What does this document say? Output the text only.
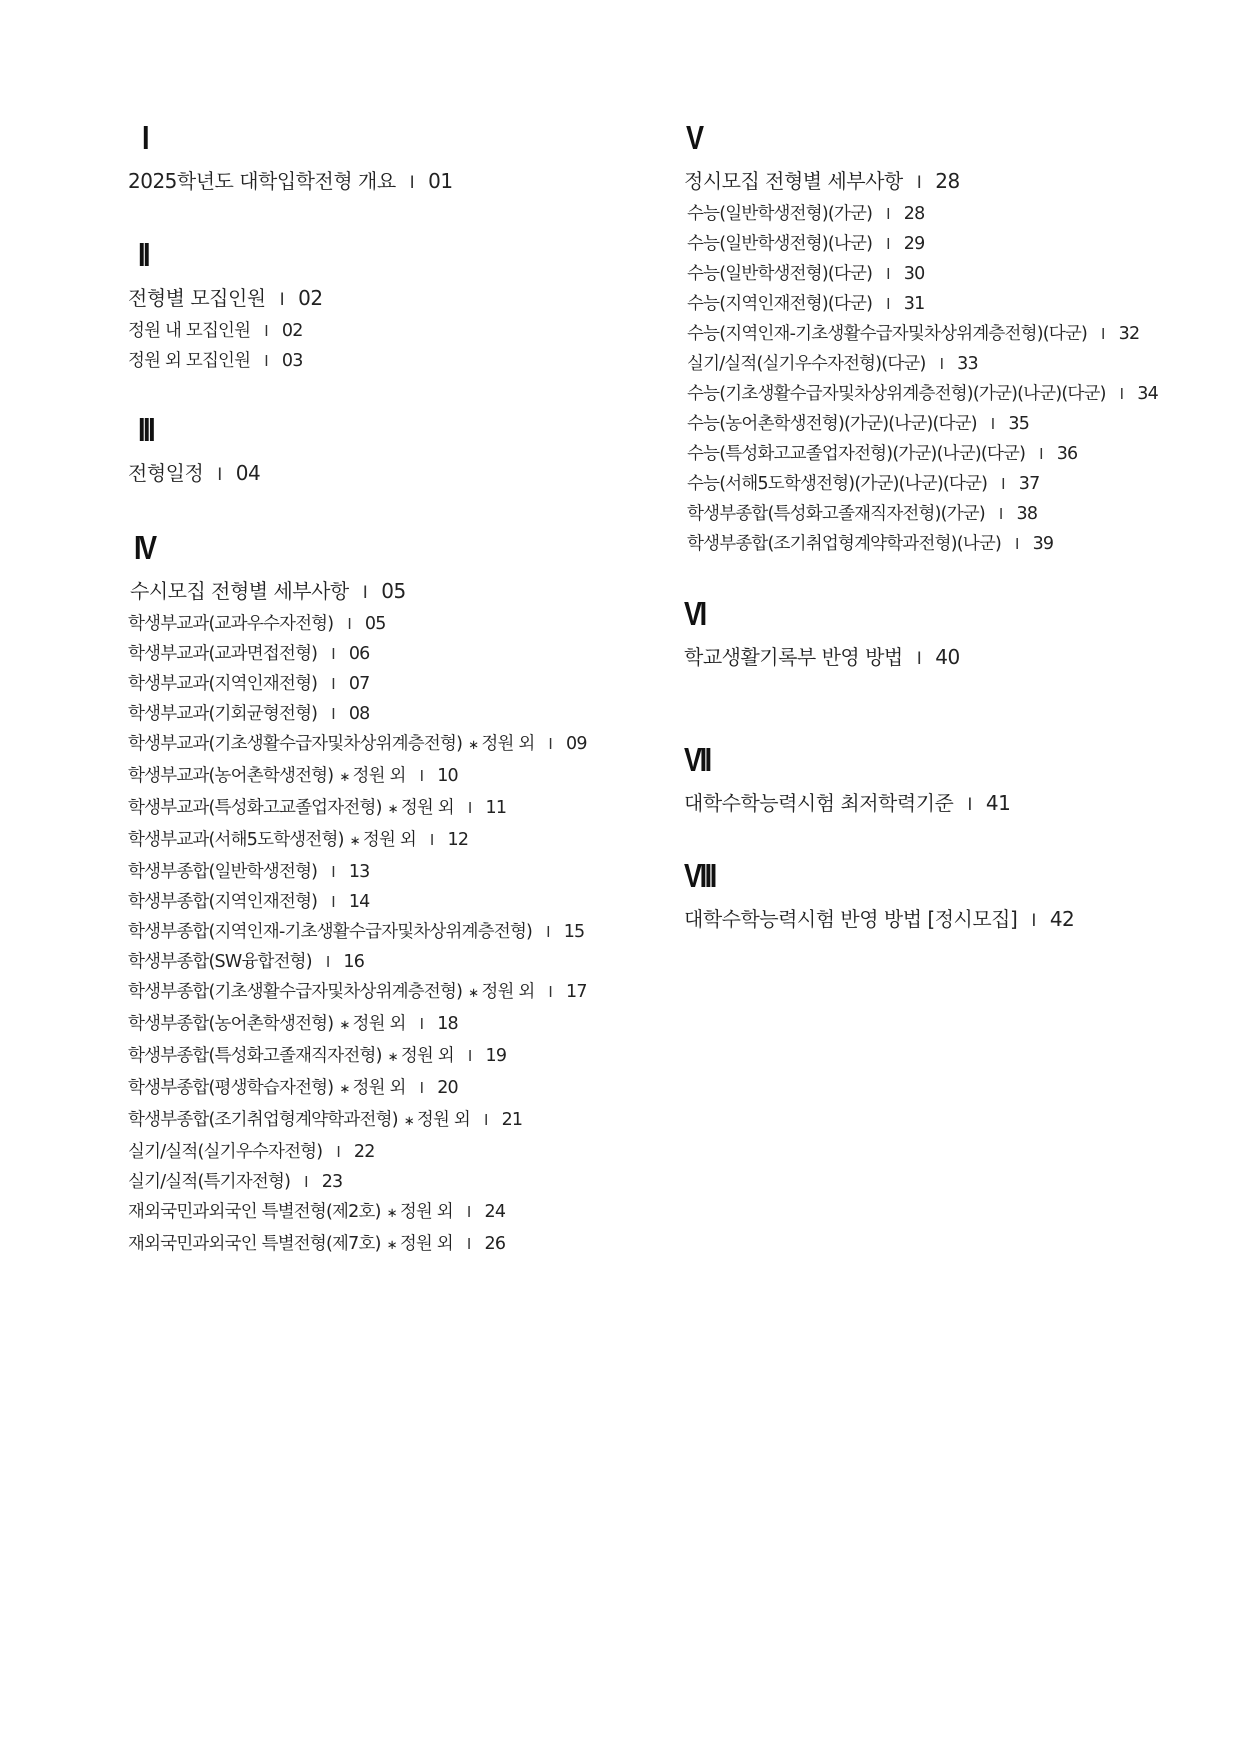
I
2025학년도 대학입학전형 개요 I 01
II
전형별 모집인원 I 02
정원 내 모집인원 I 02
정원 외 모집인원 I 03
III
전형일정 I 04
IV
수시모집 전형별 세부사항 I 05
학생부교과(교과우수자전형) I 05
학생부교과(교과면접전형) I 06
학생부교과(지역인재전형) I 07
학생부교과(기회균형전형) I 08
학생부교과(기초생활수급자및차상위계층전형) ∗ 정원 외 I 09
학생부교과(농어촌학생전형) ∗ 정원 외 I 10
학생부교과(특성화고교졸업자전형) ∗ 정원 외 I 11
학생부교과(서해5도학생전형) ∗ 정원 외 I 12
학생부종합(일반학생전형) I 13
학생부종합(지역인재전형) I 14
학생부종합(지역인재-기초생활수급자및차상위계층전형) I 15
학생부종합(SW융합전형) I 16
학생부종합(기초생활수급자및차상위계층전형) ∗ 정원 외 I 17
학생부종합(농어촌학생전형) ∗ 정원 외 I 18
학생부종합(특성화고졸재직자전형) ∗ 정원 외 I 19
학생부종합(평생학습자전형) ∗ 정원 외 I 20
학생부종합(조기취업형계약학과전형) ∗ 정원 외 I 21
실기/실적(실기우수자전형) I 22
실기/실적(특기자전형) I 23
재외국민과외국인 특별전형(제2호) ∗ 정원 외 I 24
재외국민과외국인 특별전형(제7호) ∗ 정원 외 I 26
V
정시모집 전형별 세부사항 I 28
수능(일반학생전형)(가군) I 28
수능(일반학생전형)(나군) I 29
수능(일반학생전형)(다군) I 30
수능(지역인재전형)(다군) I 31
수능(지역인재-기초생활수급자및차상위계층전형)(다군) I 32
실기/실적(실기우수자전형)(다군) I 33
수능(기초생활수급자및차상위계층전형)(가군)(나군)(다군) I 34
수능(농어촌학생전형)(가군)(나군)(다군) I 35
수능(특성화고교졸업자전형)(가군)(나군)(다군) I 36
수능(서해5도학생전형)(가군)(나군)(다군) I 37
학생부종합(특성화고졸재직자전형)(가군) I 38
학생부종합(조기취업형계약학과전형)(나군) I 39
VI
학교생활기록부 반영 방법 I 40
VII
대학수학능력시험 최저학력기준 I 41
VIII
대학수학능력시험 반영 방법 [정시모집] I 42
